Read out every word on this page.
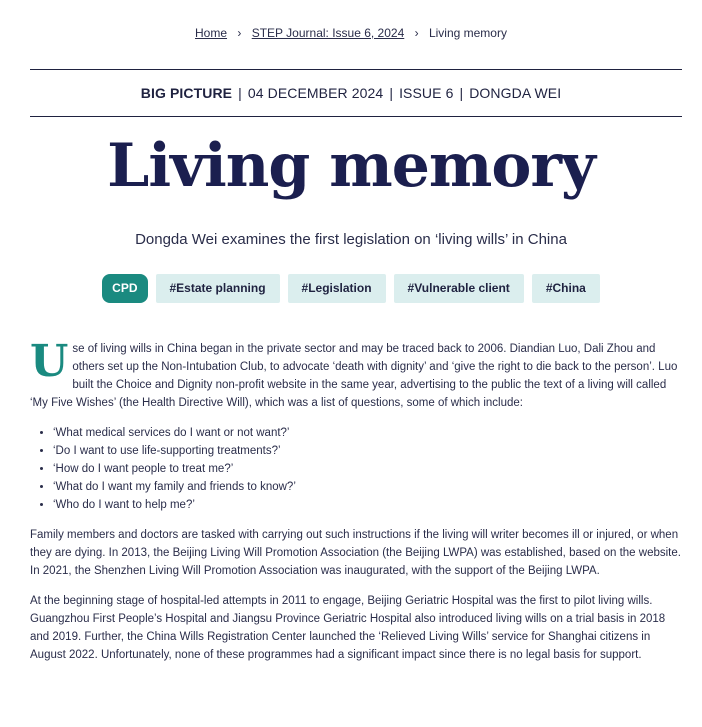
Home › STEP Journal: Issue 6, 2024 › Living memory
BIG PICTURE | 04 DECEMBER 2024 | ISSUE 6 | DONGDA WEI
Living memory
Dongda Wei examines the first legislation on ‘living wills’ in China
CPD	#Estate planning	#Legislation	#Vulnerable client	#China

Use of living wills in China began in the private sector and may be traced back to 2006. Diandian Luo, Dali Zhou and others set up the Non-Intubation Club, to advocate ‘death with dignity’ and ‘give the right to die back to the person’. Luo built the Choice and Dignity non-profit website in the same year, advertising to the public the text of a living will called ‘My Five Wishes’ (the Health Directive Will), which was a list of questions, some of which include:

• ‘What medical services do I want or not want?’
• ‘Do I want to use life-supporting treatments?’
• ‘How do I want people to treat me?’
• ‘What do I want my family and friends to know?’
• ‘Who do I want to help me?’

Family members and doctors are tasked with carrying out such instructions if the living will writer becomes ill or injured, or when they are dying. In 2013, the Beijing Living Will Promotion Association (the Beijing LWPA) was established, based on the website. In 2021, the Shenzhen Living Will Promotion Association was inaugurated, with the support of the Beijing LWPA.

At the beginning stage of hospital-led attempts in 2011 to engage, Beijing Geriatric Hospital was the first to pilot living wills. Guangzhou First People’s Hospital and Jiangsu Province Geriatric Hospital also introduced living wills on a trial basis in 2018 and 2019. Further, the China Wills Registration Center launched the ‘Relieved Living Wills’ service for Shanghai citizens in August 2022. Unfortunately, none of these programmes had a significant impact since there is no legal basis for support.
